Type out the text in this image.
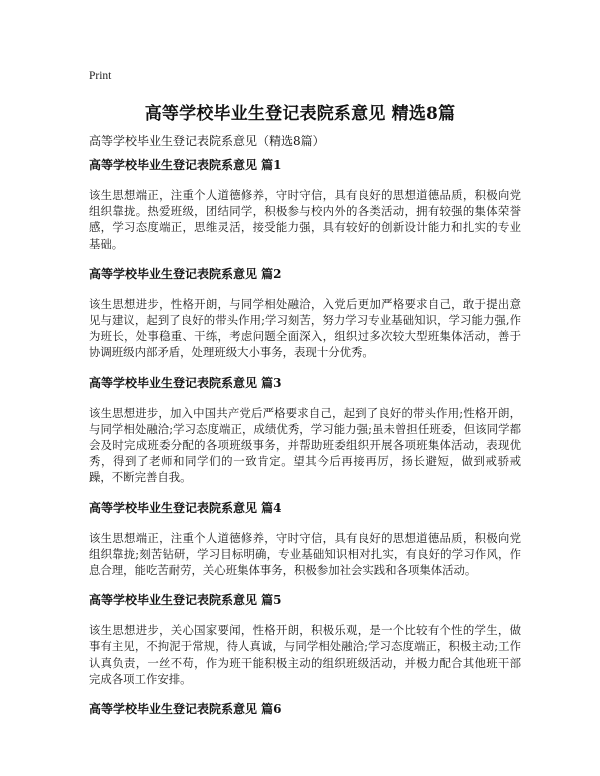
Print
高等学校毕业生登记表院系意见 精选8篇
高等学校毕业生登记表院系意见（精选8篇）
高等学校毕业生登记表院系意见 篇1
该生思想端正，注重个人道德修养，守时守信，具有良好的思想道德品质，积极向党组织靠拢。热爱班级，团结同学，积极参与校内外的各类活动，拥有较强的集体荣誉感，学习态度端正，思维灵活，接受能力强，具有较好的创新设计能力和扎实的专业基础。
高等学校毕业生登记表院系意见 篇2
该生思想进步，性格开朗，与同学相处融洽，入党后更加严格要求自己，敢于提出意见与建议，起到了良好的带头作用;学习刻苦，努力学习专业基础知识，学习能力强,作为班长，处事稳重、干练，考虑问题全面深入，组织过多次较大型班集体活动，善于协调班级内部矛盾，处理班级大小事务，表现十分优秀。
高等学校毕业生登记表院系意见 篇3
该生思想进步，加入中国共产党后严格要求自己，起到了良好的带头作用;性格开朗，与同学相处融洽;学习态度端正，成绩优秀，学习能力强;虽未曾担任班委，但该同学都会及时完成班委分配的各项班级事务，并帮助班委组织开展各项班集体活动，表现优秀，得到了老师和同学们的一致肯定。望其今后再接再厉，扬长避短，做到戒骄戒躁，不断完善自我。
高等学校毕业生登记表院系意见 篇4
该生思想端正，注重个人道德修养，守时守信，具有良好的思想道德品质，积极向党组织靠拢;刻苦钻研，学习目标明确，专业基础知识相对扎实，有良好的学习作风，作息合理，能吃苦耐劳，关心班集体事务，积极参加社会实践和各项集体活动。
高等学校毕业生登记表院系意见 篇5
该生思想进步，关心国家要闻，性格开朗，积极乐观，是一个比较有个性的学生，做事有主见，不拘泥于常规，待人真诚，与同学相处融洽;学习态度端正，积极主动;工作认真负责，一丝不苟，作为班干能积极主动的组织班级活动，并极力配合其他班干部完成各项工作安排。
高等学校毕业生登记表院系意见 篇6
